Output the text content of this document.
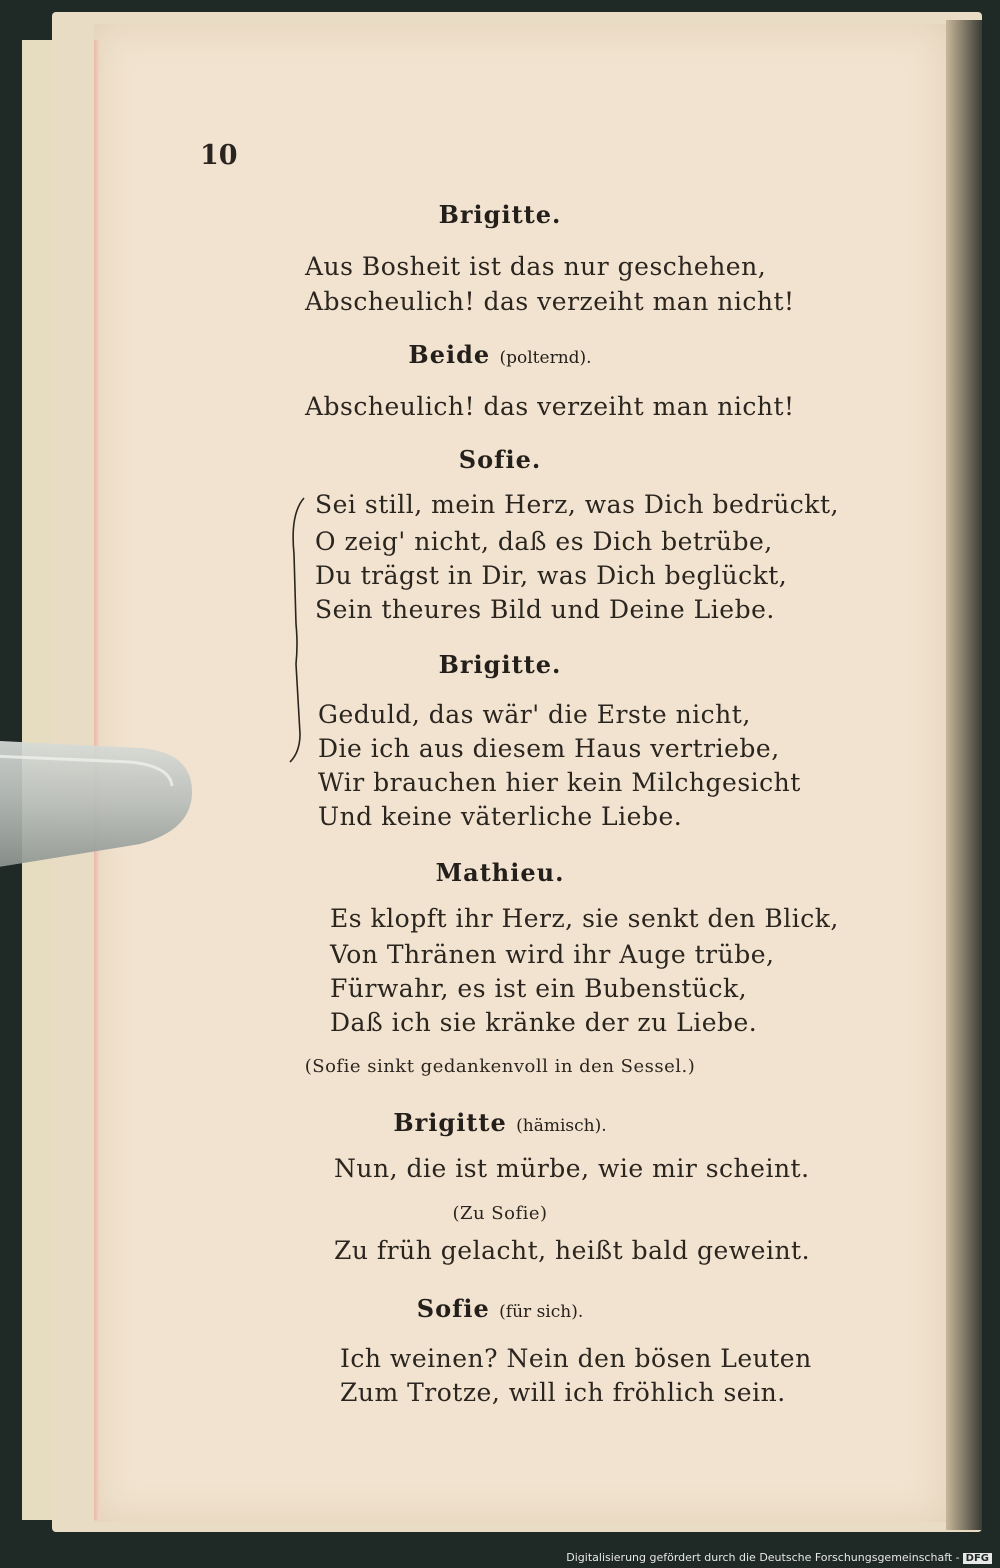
10
Brigitte.
Aus Bosheit ist das nur geschehen,
Abscheulich! das verzeiht man nicht!
Beide (polternd).
Abscheulich! das verzeiht man nicht!
Sofie.
Sei still, mein Herz, was Dich bedrückt,
O zeig' nicht, daß es Dich betrübe,
Du trägst in Dir, was Dich beglückt,
Sein theures Bild und Deine Liebe.
Brigitte.
Geduld, das wär' die Erste nicht,
Die ich aus diesem Haus vertriebe,
Wir brauchen hier kein Milchgesicht
Und keine väterliche Liebe.
Mathieu.
Es klopft ihr Herz, sie senkt den Blick,
Von Thränen wird ihr Auge trübe,
Fürwahr, es ist ein Bubenstück,
Daß ich sie kränke der zu Liebe.
(Sofie sinkt gedankenvoll in den Sessel.)
Brigitte (hämisch).
Nun, die ist mürbe, wie mir scheint.
(Zu Sofie)
Zu früh gelacht, heißt bald geweint.
Sofie (für sich).
Ich weinen? Nein den bösen Leuten
Zum Trotze, will ich fröhlich sein.
Digitalisierung gefördert durch die Deutsche Forschungsgemeinschaft - DFG
